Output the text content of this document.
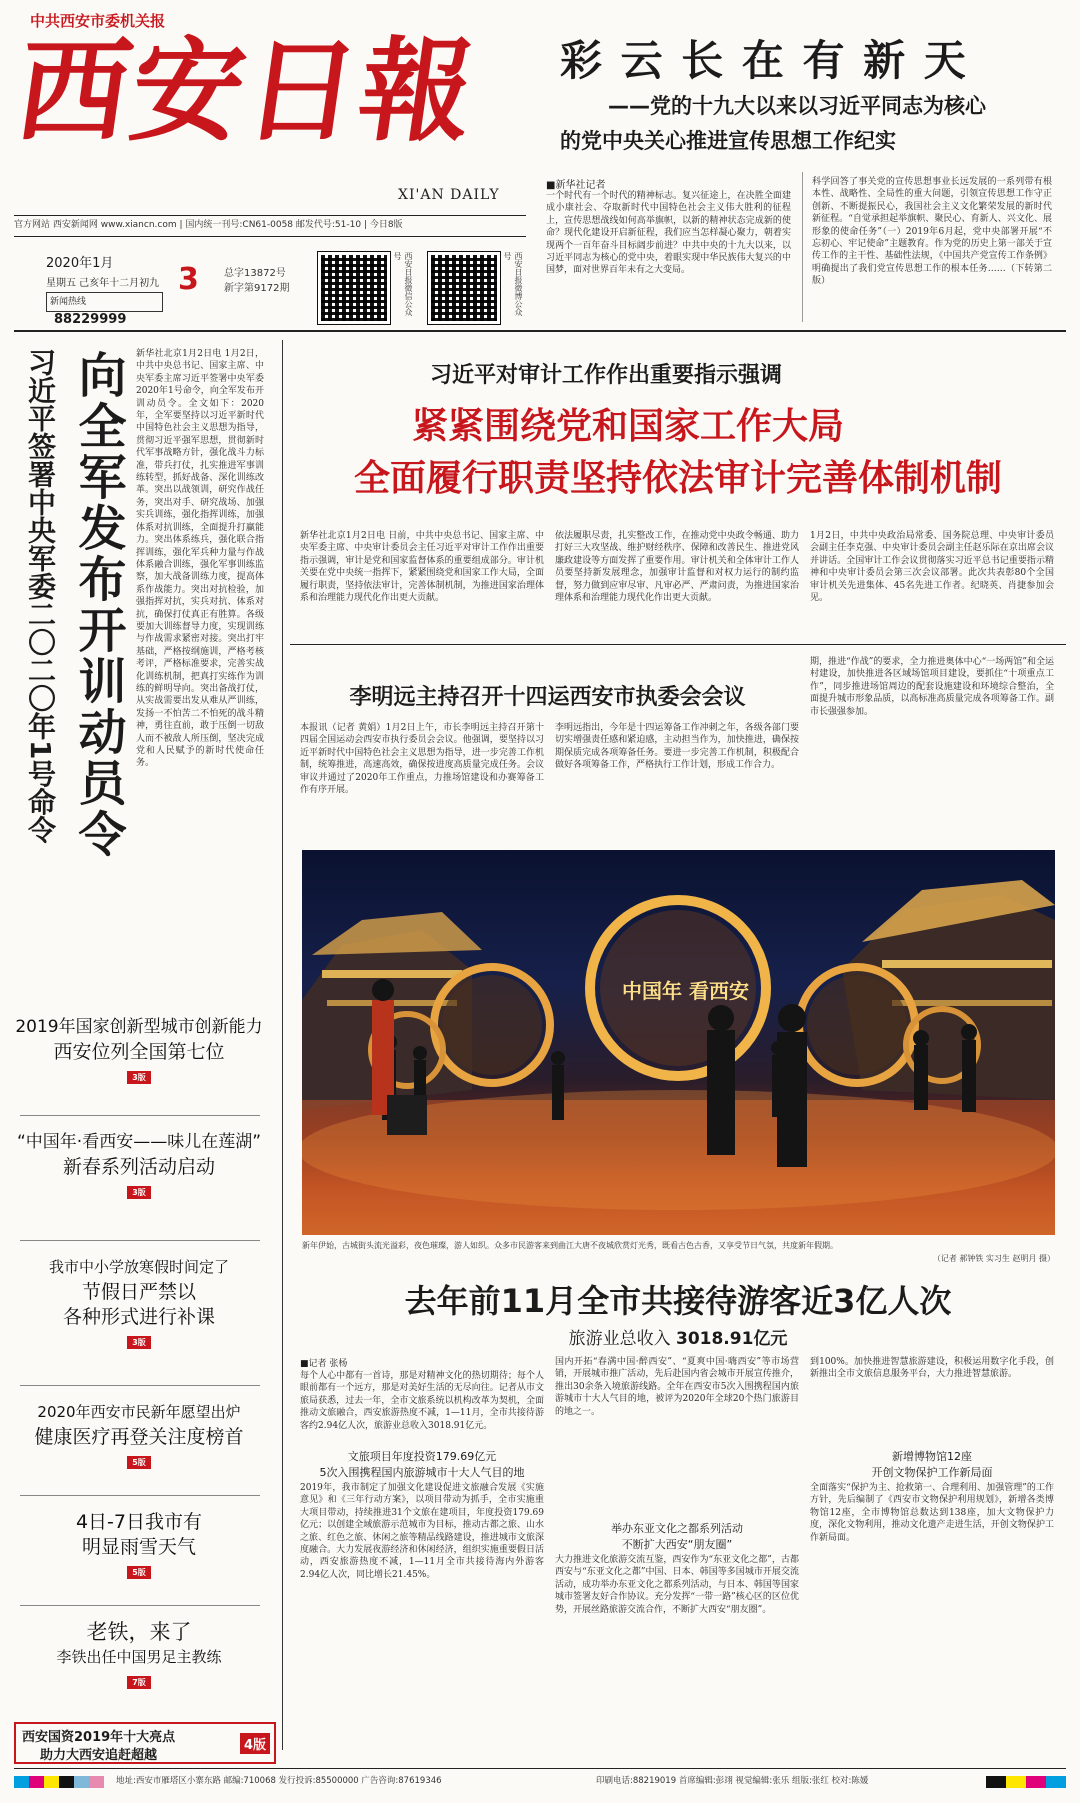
中共西安市委机关报
西安日報
XI'AN DAILY
官方网站 西安新闻网 www.xiancn.com | 国内统一刊号:CN61-0058 邮发代号:51-10 | 今日8版
2020年1月 3
星期五 己亥年十二月初九
新闻热线 88229999
总字13872号
新字第9172期	西安日报微信公众号	西安日报微博公众号
彩 云 长 在 有 新 天
——党的十九大以来以习近平同志为核心
的党中央关心推进宣传思想工作纪实
■新华社记者
一个时代有一个时代的精神标志。复兴征途上，在决胜全面建成小康社会、夺取新时代中国特色社会主义伟大胜利的征程上，宣传思想战线如何高举旗帜，以新的精神状态完成新的使命？现代化建设开启新征程，我们应当怎样凝心聚力，朝着实现两个一百年奋斗目标阔步前进？中共中央的十九大以来，以习近平同志为核心的党中央，着眼实现中华民族伟大复兴的中国梦，面对世界百年未有之大变局。
科学回答了事关党的宣传思想事业长远发展的一系列带有根本性、战略性、全局性的重大问题，引领宣传思想工作守正创新、不断提振民心，我国社会主义文化繁荣发展的新时代新征程。“自觉承担起举旗帜、聚民心、育新人、兴文化、展形象的使命任务”（一）2019年6月起，党中央部署开展“不忘初心、牢记使命”主题教育。作为党的历史上第一部关于宣传工作的主干性、基础性法规，《中国共产党宣传工作条例》明确提出了我们党宣传思想工作的根本任务……（下转第二版）
习近平签署中央军委二〇二〇年1号命令 向全军发布开训动员令 新华社北京1月2日电 1月2日，中共中央总书记、国家主席、中央军委主席习近平签署中央军委2020年1号命令，向全军发布开训动员令。全文如下：2020年，全军要坚持以习近平新时代中国特色社会主义思想为指导，贯彻习近平强军思想，贯彻新时代军事战略方针，强化战斗力标准，带兵打仗，扎实推进军事训练转型，抓好战备、深化训练改革。突出以战领训，研究作战任务，突出对手、研究战场、加强实兵训练，强化指挥训练，加强体系对抗训练，全面提升打赢能力。突出体系练兵，强化联合指挥训练，强化军兵种力量与作战体系融合训练，强化军事训练监察，加大战备训练力度，提高体系作战能力。突出对抗检验，加强指挥对抗，实兵对抗、体系对抗，确保打仗真正有胜算。各级要加大训练督导力度，实现训练与作战需求紧密对接。突出打牢基础，严格按纲施训，严格考核考评，严格标准要求，完善实战化训练机制，把真打实练作为训练的鲜明导向。突出备战打仗，从实战需要出发从难从严训练，发扬一不怕苦二不怕死的战斗精神，勇往直前，敢于压倒一切敌人而不被敌人所压倒，坚决完成党和人民赋予的新时代使命任务。
2019年国家创新型城市创新能力
西安位列全国第七位
3版
“中国年·看西安——味儿在莲湖”
新春系列活动启动
3版
我市中小学放寒假时间定了
节假日严禁以
各种形式进行补课
3版
2020年西安市民新年愿望出炉
健康医疗再登关注度榜首
5版
4日-7日我市有
明显雨雪天气
5版
老铁，来了
李铁出任中国男足主教练
7版
西安国资2019年十大亮点
助力大西安追赶超越
4版
习近平对审计工作作出重要指示强调
紧紧围绕党和国家工作大局
全面履行职责坚持依法审计完善体制机制
新华社北京1月2日电 日前，中共中央总书记、国家主席、中央军委主席、中央审计委员会主任习近平对审计工作作出重要指示强调，审计是党和国家监督体系的重要组成部分。审计机关要在党中央统一指挥下，紧紧围绕党和国家工作大局，全面履行职责，坚持依法审计，完善体制机制，为推进国家治理体系和治理能力现代化作出更大贡献。
依法履职尽责，扎实整改工作，在推动党中央政令畅通、助力打好三大攻坚战、维护财经秩序、保障和改善民生、推进党风廉政建设等方面发挥了重要作用。审计机关和全体审计工作人员要坚持新发展理念，加强审计监督和对权力运行的制约监督，努力做到应审尽审、凡审必严、严肃问责，为推进国家治理体系和治理能力现代化作出更大贡献。
1月2日，中共中央政治局常委、国务院总理、中央审计委员会副主任李克强、中央审计委员会副主任赵乐际在京出席会议并讲话。全国审计工作会议贯彻落实习近平总书记重要指示精神和中央审计委员会第三次会议部署。此次共表彰80个全国审计机关先进集体、45名先进工作者。纪晓英、肖捷参加会见。
李明远主持召开十四运西安市执委会会议
本报讯（记者 黄娟）1月2日上午，市长李明远主持召开第十四届全国运动会西安市执行委员会会议。他强调，要坚持以习近平新时代中国特色社会主义思想为指导，进一步完善工作机制，统筹推进，高速高效，确保按进度高质量完成任务。会议审议并通过了2020年工作重点，力推场馆建设和办赛筹备工作有序开展。
李明远指出，今年是十四运筹备工作冲刺之年，各级各部门要切实增强责任感和紧迫感，主动担当作为，加快推进，确保按期保质完成各项筹备任务。要进一步完善工作机制，积极配合做好各项筹备工作，严格执行工作计划，形成工作合力。
期，推进“作战”的要求，全力推进奥体中心“一场两馆”和全运村建设，加快推进各区域场馆项目建设，要抓住“十项重点工作”，同步推进场馆周边的配套设施建设和环境综合整治，全面提升城市形象品质，以高标准高质量完成各项筹备工作。副市长强强参加。
中国年 看西安
新年伊始，古城街头流光溢彩，夜色璀璨，游人如织。众多市民游客来到曲江大唐不夜城欣赏灯光秀，既看古色古香，又享受节日气氛，共度新年假期。
（记者 郝钟铁 实习生 赵明月 摄）
去年前11月全市共接待游客近3亿人次
旅游业总收入 3018.91亿元
■记者 张杨
每个人心中都有一首诗，那是对精神文化的热切期待；每个人眼前都有一个远方，那是对美好生活的无尽向往。记者从市文旅局获悉，过去一年，全市文旅系统以机构改革为契机，全面推动文旅融合，西安旅游热度不减，1—11月，全市共接待游客约2.94亿人次，旅游业总收入3018.91亿元。
文旅项目年度投资179.69亿元
5次入围携程国内旅游城市十大人气目的地
2019年，我市制定了加强文化建设促进文旅融合发展《实施意见》和《三年行动方案》，以项目带动为抓手，全市实施重大项目带动，持续推进31个文旅在建项目，年度投资179.69亿元；以创建全域旅游示范城市为目标，推动古都之旅、山水之旅、红色之旅、休闲之旅等精品线路建设，推进城市文旅深度融合。大力发展夜游经济和休闲经济，组织实施重要假日活动，西安旅游热度不减，1—11月全市共接待海内外游客2.94亿人次，同比增长21.45%。
国内开拓“春满中国·醉西安”、“夏爽中国·嗨西安”等市场营销，开展城市推广活动，先后赴国内省会城市开展宣传推介，推出30余条入境旅游线路。全年在西安市5次入围携程国内旅游城市十大人气目的地，被评为2020年全球20个热门旅游目的地之一。
举办东亚文化之都系列活动
不断扩大西安“朋友圈”
大力推进文化旅游交流互鉴，西安作为“东亚文化之都”，古都西安与“东亚文化之都”中国、日本、韩国等多国城市开展交流活动，成功举办东亚文化之都系列活动，与日本、韩国等国家城市签署友好合作协议。充分发挥“一带一路”核心区的区位优势，开展丝路旅游交流合作，不断扩大西安“朋友圈”。
到100%。加快推进智慧旅游建设，积极运用数字化手段，创新推出全市文旅信息服务平台，大力推进智慧旅游。
新增博物馆12座
开创文物保护工作新局面
全面落实“保护为主、抢救第一、合理利用、加强管理”的工作方针，先后编制了《西安市文物保护利用规划》，新增各类博物馆12座，全市博物馆总数达到138座，加大文物保护力度，深化文物利用，推动文化遗产走进生活，开创文物保护工作新局面。
地址:西安市雁塔区小寨东路 邮编:710068 发行投诉:85500000 广告咨询:87619346	印刷电话:88219019 首席编辑:彭翊 视觉编辑:张乐 组版:张红 校对:陈媛
